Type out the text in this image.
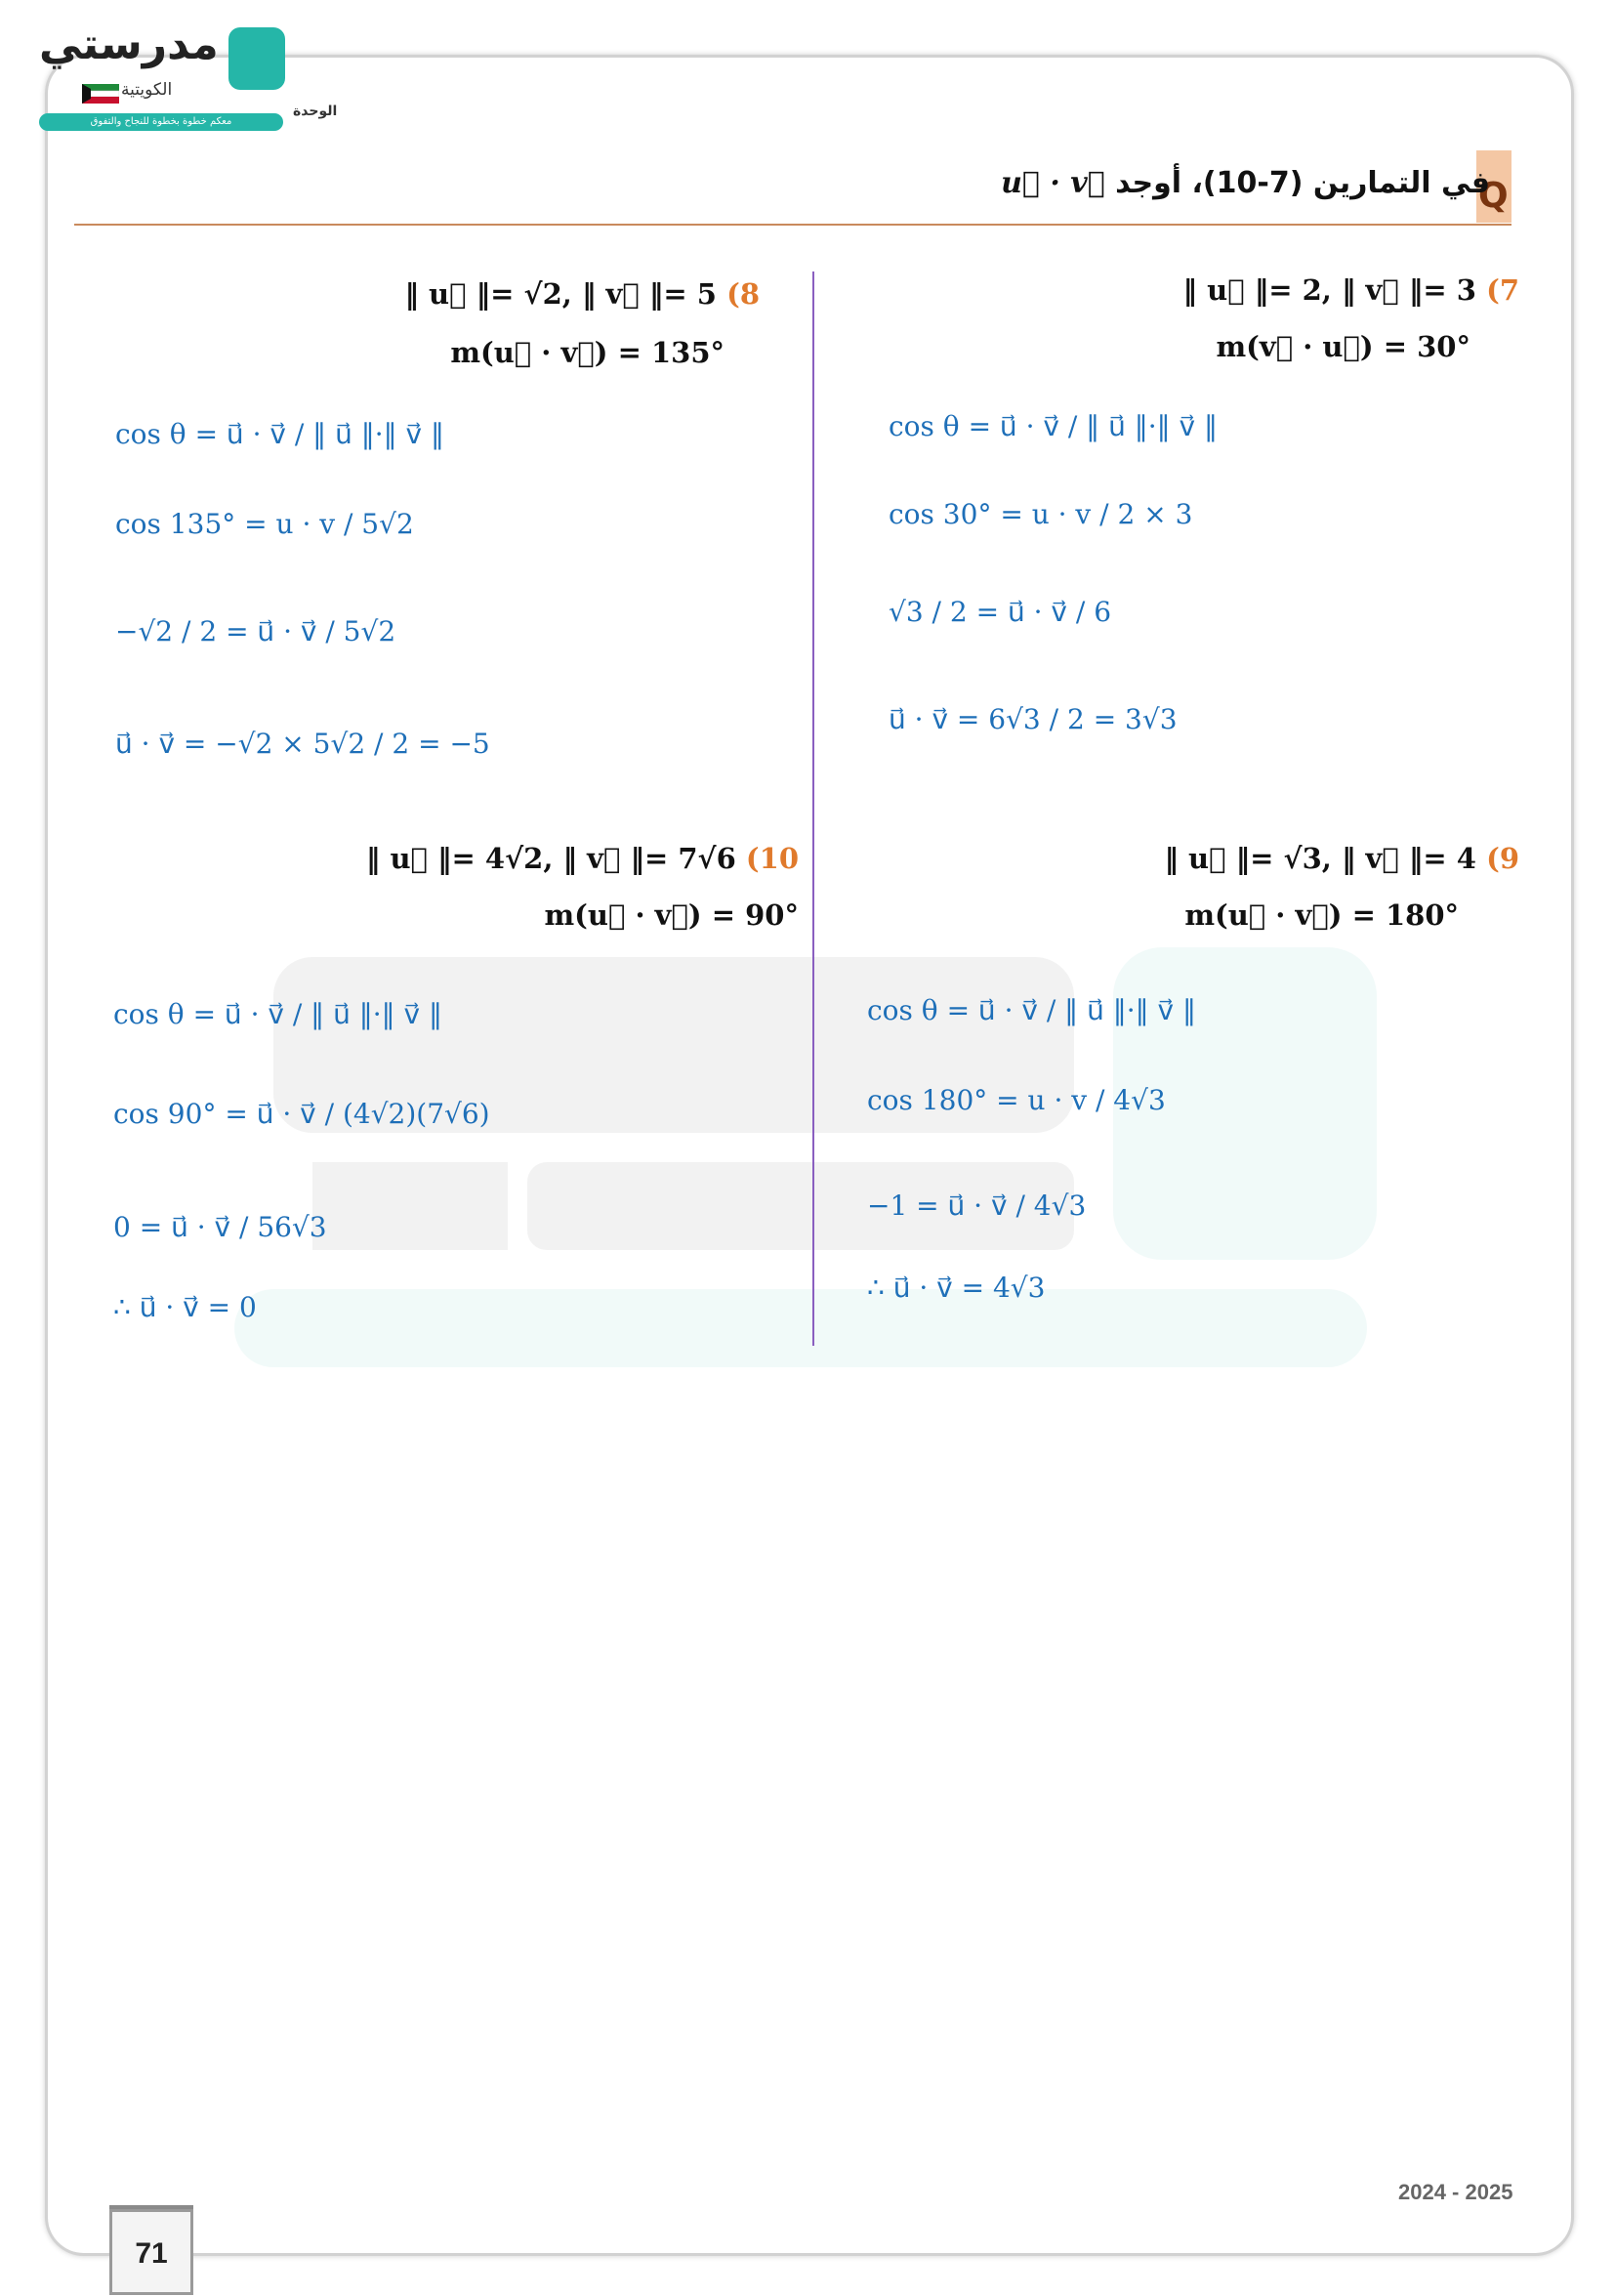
مدرستي
الكويتية
معكم خطوة بخطوة للنجاح والتفوق
الوحدة
Q
في التمارين (7-10)، أوجد u⃗ · v⃗
‖ u⃗ ‖= 2, ‖ v⃗ ‖= 3 (7
m(v⃗ · u⃗) = 30°
cos θ = u⃗ · v⃗ / ‖ u⃗ ‖·‖ v⃗ ‖
cos 30° = u · v / 2 × 3
√3 / 2 = u⃗ · v⃗ / 6
u⃗ · v⃗ = 6√3 / 2 = 3√3
‖ u⃗ ‖= √2, ‖ v⃗ ‖= 5 (8
m(u⃗ · v⃗) = 135°
cos θ = u⃗ · v⃗ / ‖ u⃗ ‖·‖ v⃗ ‖
cos 135° = u · v / 5√2
−√2 / 2 = u⃗ · v⃗ / 5√2
u⃗ · v⃗ = −√2 × 5√2 / 2 = −5
‖ u⃗ ‖= √3, ‖ v⃗ ‖= 4 (9
m(u⃗ · v⃗) = 180°
cos θ = u⃗ · v⃗ / ‖ u⃗ ‖·‖ v⃗ ‖
cos 180° = u · v / 4√3
−1 = u⃗ · v⃗ / 4√3
∴ u⃗ · v⃗ = 4√3
‖ u⃗ ‖= 4√2, ‖ v⃗ ‖= 7√6 (10
m(u⃗ · v⃗) = 90°
cos θ = u⃗ · v⃗ / ‖ u⃗ ‖·‖ v⃗ ‖
cos 90° = u⃗ · v⃗ / (4√2)(7√6)
0 = u⃗ · v⃗ / 56√3
∴ u⃗ · v⃗ = 0
2024 - 2025
71
